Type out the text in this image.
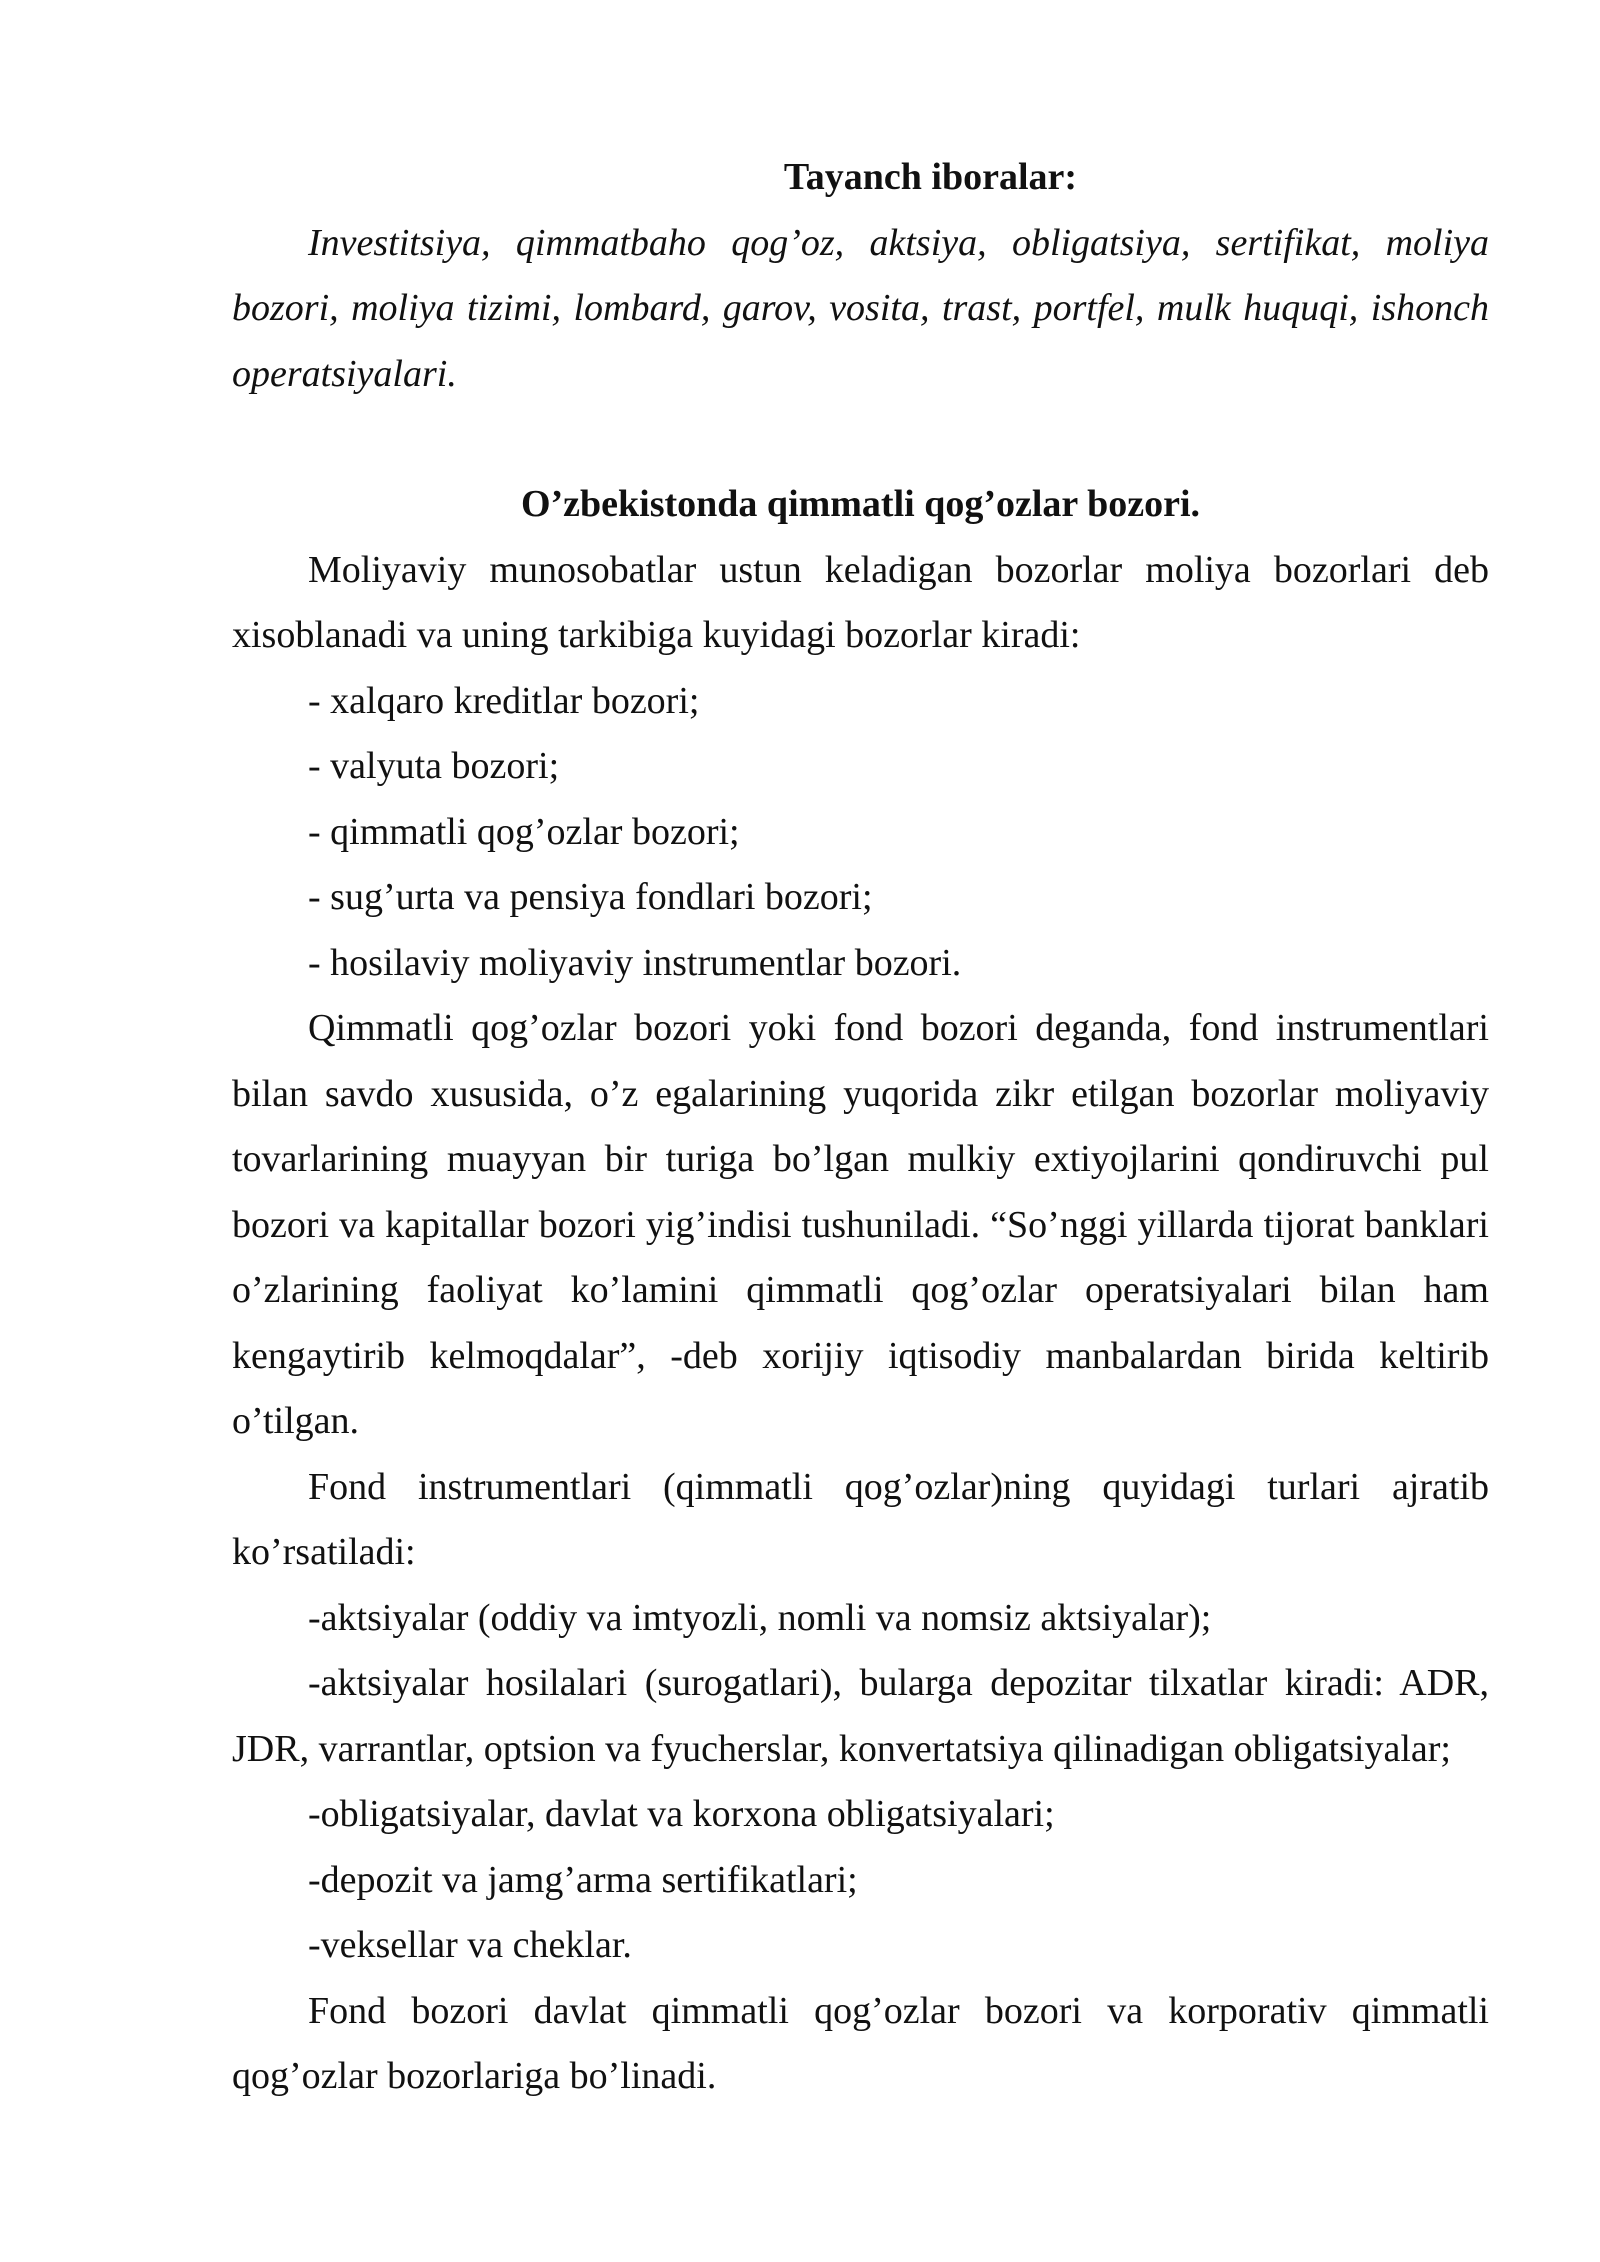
Tayanch iboralar:

Investitsiya, qimmatbaho qog’oz, aktsiya, obligatsiya, sertifikat, moliya bozori, moliya tizimi, lombard, garov, vosita, trast, portfel, mulk huquqi, ishonch operatsiyalari.

O’zbekistonda qimmatli qog’ozlar bozori.

Moliyaviy munosobatlar ustun keladigan bozorlar moliya bozorlari deb xisoblanadi va uning tarkibiga kuyidagi bozorlar kiradi:

- xalqaro kreditlar bozori;

- valyuta bozori;

- qimmatli qog’ozlar bozori;

- sug’urta va pensiya fondlari bozori;

- hosilaviy moliyaviy instrumentlar bozori.

Qimmatli qog’ozlar bozori yoki fond bozori deganda, fond instrumentlari bilan savdo xususida, o’z egalarining yuqorida zikr etilgan bozorlar moliyaviy tovarlarining muayyan bir turiga bo’lgan mulkiy extiyojlarini qondiruvchi pul bozori va kapitallar bozori yig’indisi tushuniladi. “So’nggi yillarda tijorat banklari o’zlarining faoliyat ko’lamini qimmatli qog’ozlar operatsiyalari bilan ham kengaytirib kelmoqdalar”, -deb xorijiy iqtisodiy manbalardan birida keltirib o’tilgan.

Fond instrumentlari (qimmatli qog’ozlar)ning quyidagi turlari ajratib ko’rsatiladi:

-aktsiyalar (oddiy va imtyozli, nomli va nomsiz aktsiyalar);

-aktsiyalar hosilalari (surogatlari), bularga depozitar tilxatlar kiradi: ADR, JDR, varrantlar, optsion va fyucherslar, konvertatsiya qilinadigan obligatsiyalar;

-obligatsiyalar, davlat va korxona obligatsiyalari;

-depozit va jamg’arma sertifikatlari;

-veksellar va cheklar.

Fond bozori davlat qimmatli qog’ozlar bozori va korporativ qimmatli qog’ozlar bozorlariga bo’linadi.
